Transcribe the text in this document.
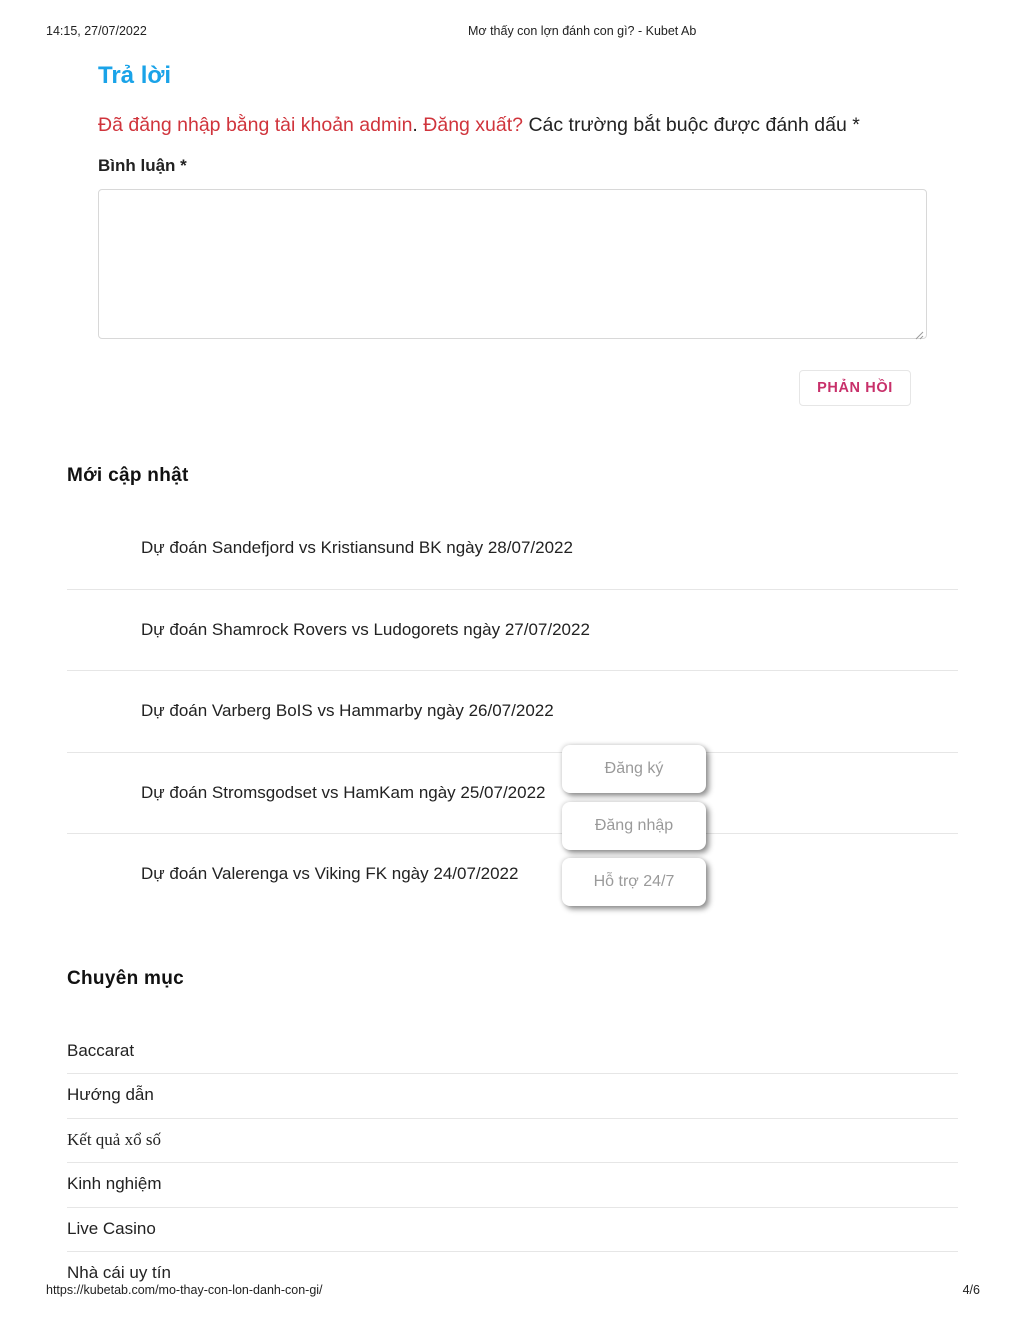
14:15, 27/07/2022	Mơ thấy con lợn đánh con gì? - Kubet Ab
Trả lời
Đã đăng nhập bằng tài khoản admin. Đăng xuất? Các trường bắt buộc được đánh dấu *
Bình luận *
PHẢN HỒI
Mới cập nhật
Dự đoán Sandefjord vs Kristiansund BK ngày 28/07/2022
Dự đoán Shamrock Rovers vs Ludogorets ngày 27/07/2022
Dự đoán Varberg BoIS vs Hammarby ngày 26/07/2022
Dự đoán Stromsgodset vs HamKam ngày 25/07/2022
Dự đoán Valerenga vs Viking FK ngày 24/07/2022
Chuyên mục
Baccarat
Hướng dẫn
Kết quả xổ số
Kinh nghiệm
Live Casino
Nhà cái uy tín
Đăng ký
Đăng nhập
Hỗ trợ 24/7
https://kubetab.com/mo-thay-con-lon-danh-con-gi/	4/6
